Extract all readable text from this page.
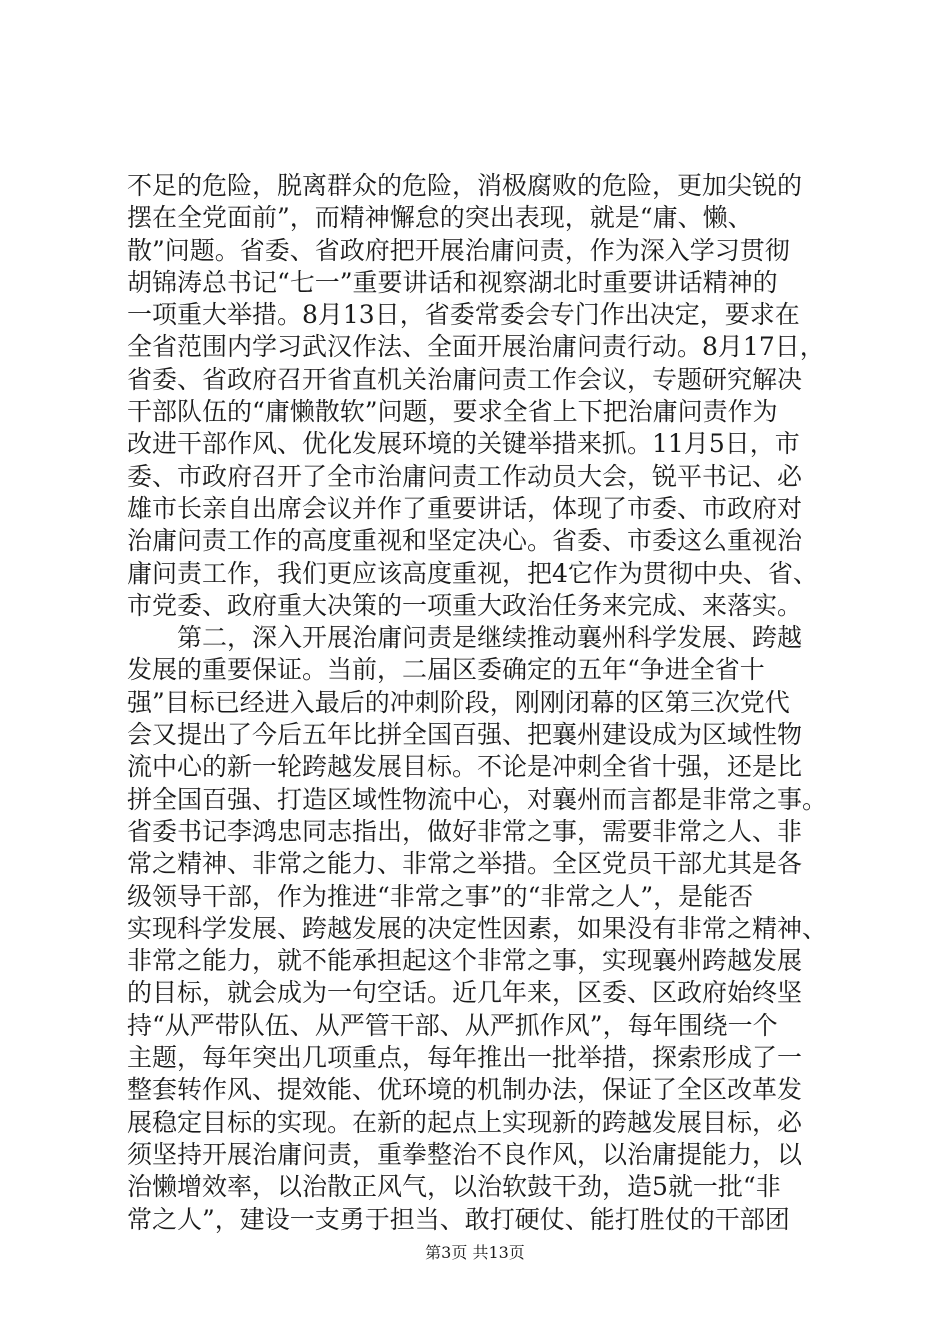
不足的危险，脱离群众的危险，消极腐败的危险，更加尖锐的
摆在全党面前”，而精神懈怠的突出表现，就是“庸、懒、
散”问题。省委、省政府把开展治庸问责，作为深入学习贯彻
胡锦涛总书记“七一”重要讲话和视察湖北时重要讲话精神的
一项重大举措。8月13日，省委常委会专门作出决定，要求在
全省范围内学习武汉作法、全面开展治庸问责行动。8月17日，
省委、省政府召开省直机关治庸问责工作会议，专题研究解决
干部队伍的“庸懒散软”问题，要求全省上下把治庸问责作为
改进干部作风、优化发展环境的关键举措来抓。11月5日，市
委、市政府召开了全市治庸问责工作动员大会，锐平书记、必
雄市长亲自出席会议并作了重要讲话，体现了市委、市政府对
治庸问责工作的高度重视和坚定决心。省委、市委这么重视治
庸问责工作，我们更应该高度重视，把4它作为贯彻中央、省、
市党委、政府重大决策的一项重大政治任务来完成、来落实。
第二，深入开展治庸问责是继续推动襄州科学发展、跨越
发展的重要保证。当前，二届区委确定的五年“争进全省十
强”目标已经进入最后的冲刺阶段，刚刚闭幕的区第三次党代
会又提出了今后五年比拼全国百强、把襄州建设成为区域性物
流中心的新一轮跨越发展目标。不论是冲刺全省十强，还是比
拼全国百强、打造区域性物流中心，对襄州而言都是非常之事。
省委书记李鸿忠同志指出，做好非常之事，需要非常之人、非
常之精神、非常之能力、非常之举措。全区党员干部尤其是各
级领导干部，作为推进“非常之事”的“非常之人”，是能否
实现科学发展、跨越发展的决定性因素，如果没有非常之精神、
非常之能力，就不能承担起这个非常之事，实现襄州跨越发展
的目标，就会成为一句空话。近几年来，区委、区政府始终坚
持“从严带队伍、从严管干部、从严抓作风”，每年围绕一个
主题，每年突出几项重点，每年推出一批举措，探索形成了一
整套转作风、提效能、优环境的机制办法，保证了全区改革发
展稳定目标的实现。在新的起点上实现新的跨越发展目标，必
须坚持开展治庸问责，重拳整治不良作风，以治庸提能力，以
治懒增效率，以治散正风气，以治软鼓干劲，造5就一批“非
常之人”，建设一支勇于担当、敢打硬仗、能打胜仗的干部团
第3页 共13页
